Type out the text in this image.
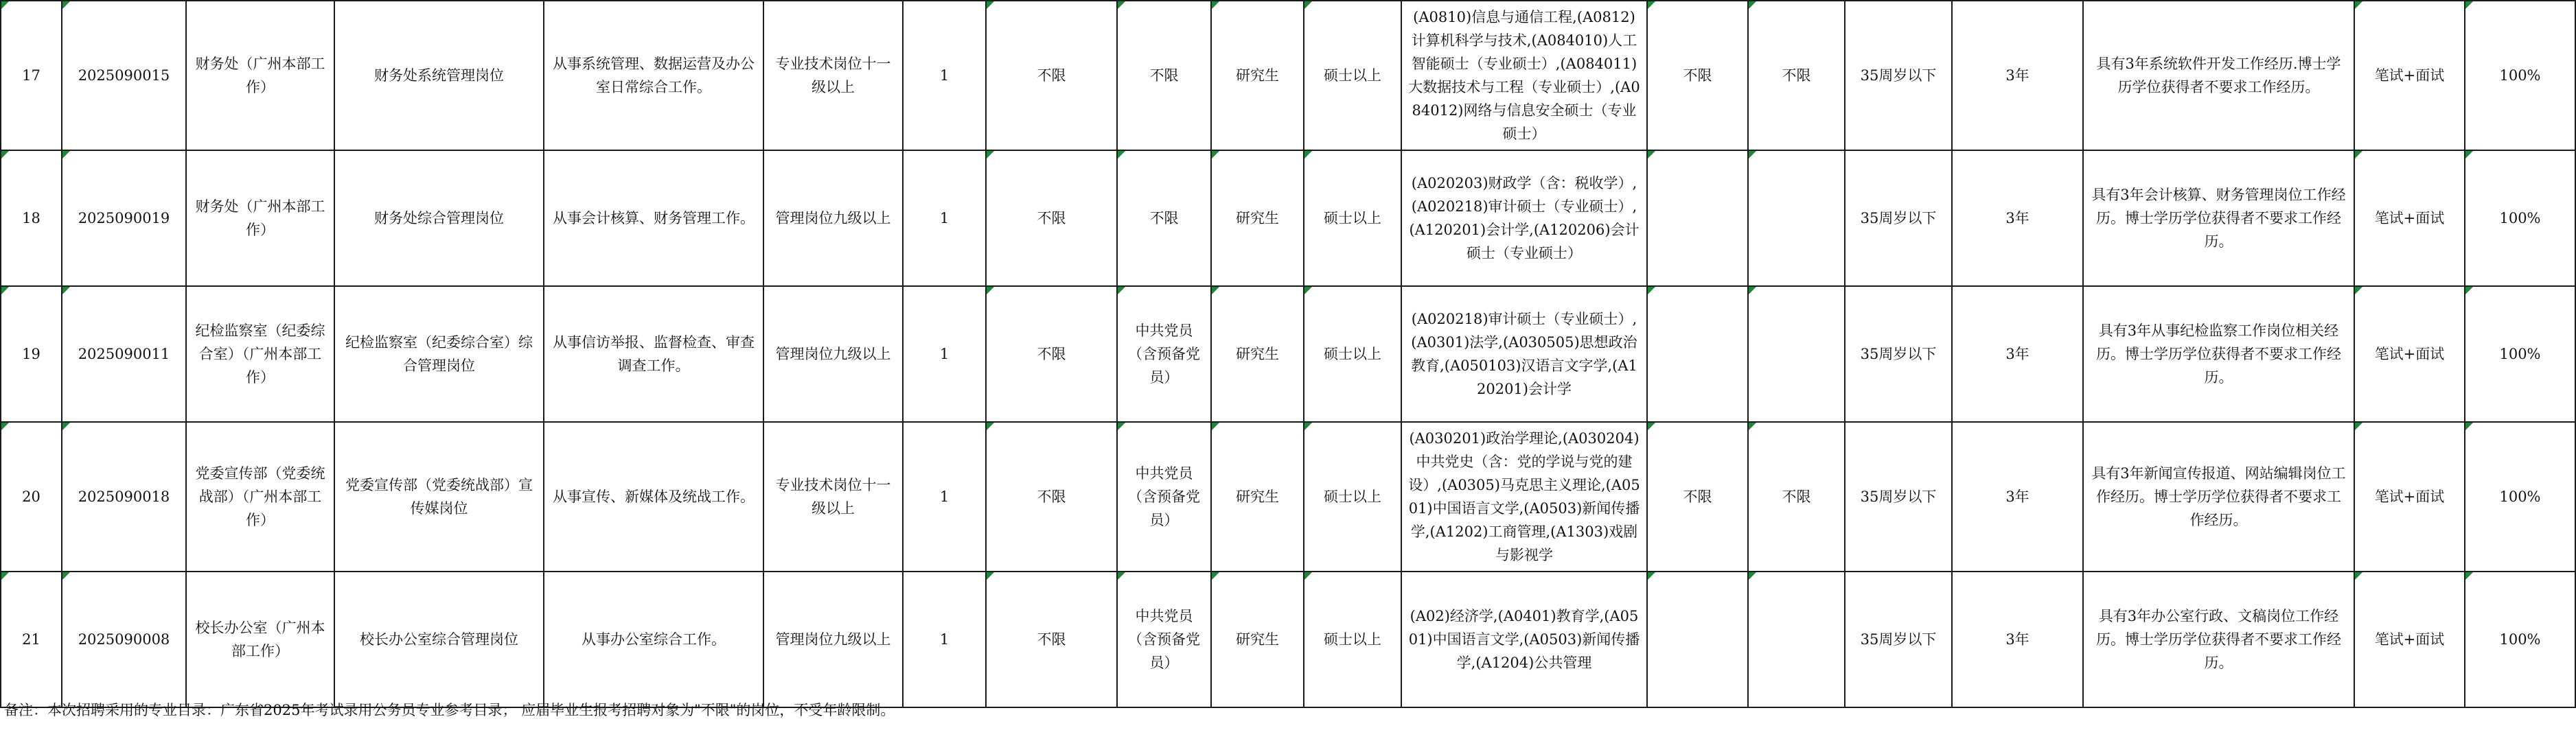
17	2025090015	财务处（广州本部工作）	财务处系统管理岗位	从事系统管理、数据运营及办公室日常综合工作。	专业技术岗位十一级以上	1	不限	不限	研究生	硕士以上	(A0810)信息与通信工程,(A0812)计算机科学与技术,(A084010)人工智能硕士（专业硕士）,(A084011)大数据技术与工程（专业硕士）,(A084012)网络与信息安全硕士（专业硕士）	不限	不限	35周岁以下	3年	具有3年系统软件开发工作经历.博士学历学位获得者不要求工作经历。	笔试+面试	100%

18	2025090019	财务处（广州本部工作）	财务处综合管理岗位	从事会计核算、财务管理工作。	管理岗位九级以上	1	不限	不限	研究生	硕士以上	(A020203)财政学（含：税收学）,(A020218)审计硕士（专业硕士）,(A120201)会计学,(A120206)会计硕士（专业硕士）			35周岁以下	3年	具有3年会计核算、财务管理岗位工作经历。博士学历学位获得者不要求工作经历。	笔试+面试	100%

19	2025090011	纪检监察室（纪委综合室）（广州本部工作）	纪检监察室（纪委综合室）综合管理岗位	从事信访举报、监督检查、审查调查工作。	管理岗位九级以上	1	不限	中共党员（含预备党员）	研究生	硕士以上	(A020218)审计硕士（专业硕士）,(A0301)法学,(A030505)思想政治教育,(A050103)汉语言文字学,(A120201)会计学			35周岁以下	3年	具有3年从事纪检监察工作岗位相关经历。博士学历学位获得者不要求工作经历。	笔试+面试	100%

20	2025090018	党委宣传部（党委统战部）（广州本部工作）	党委宣传部（党委统战部）宣传媒岗位	从事宣传、新媒体及统战工作。	专业技术岗位十一级以上	1	不限	中共党员（含预备党员）	研究生	硕士以上	(A030201)政治学理论,(A030204)中共党史（含：党的学说与党的建设）,(A0305)马克思主义理论,(A0501)中国语言文学,(A0503)新闻传播学,(A1202)工商管理,(A1303)戏剧与影视学	不限	不限	35周岁以下	3年	具有3年新闻宣传报道、网站编辑岗位工作经历。博士学历学位获得者不要求工作经历。	笔试+面试	100%

21	2025090008	校长办公室（广州本部工作）	校长办公室综合管理岗位	从事办公室综合工作。	管理岗位九级以上	1	不限	中共党员（含预备党员）	研究生	硕士以上	(A02)经济学,(A0401)教育学,(A0501)中国语言文学,(A0503)新闻传播学,(A1204)公共管理			35周岁以下	3年	具有3年办公室行政、文稿岗位工作经历。博士学历学位获得者不要求工作经历。	笔试+面试	100%
备注：本次招聘采用的专业目录：广东省2025年考试录用公务员专业参考目录； 应届毕业生报考招聘对象为"不限"的岗位，不受年龄限制。
